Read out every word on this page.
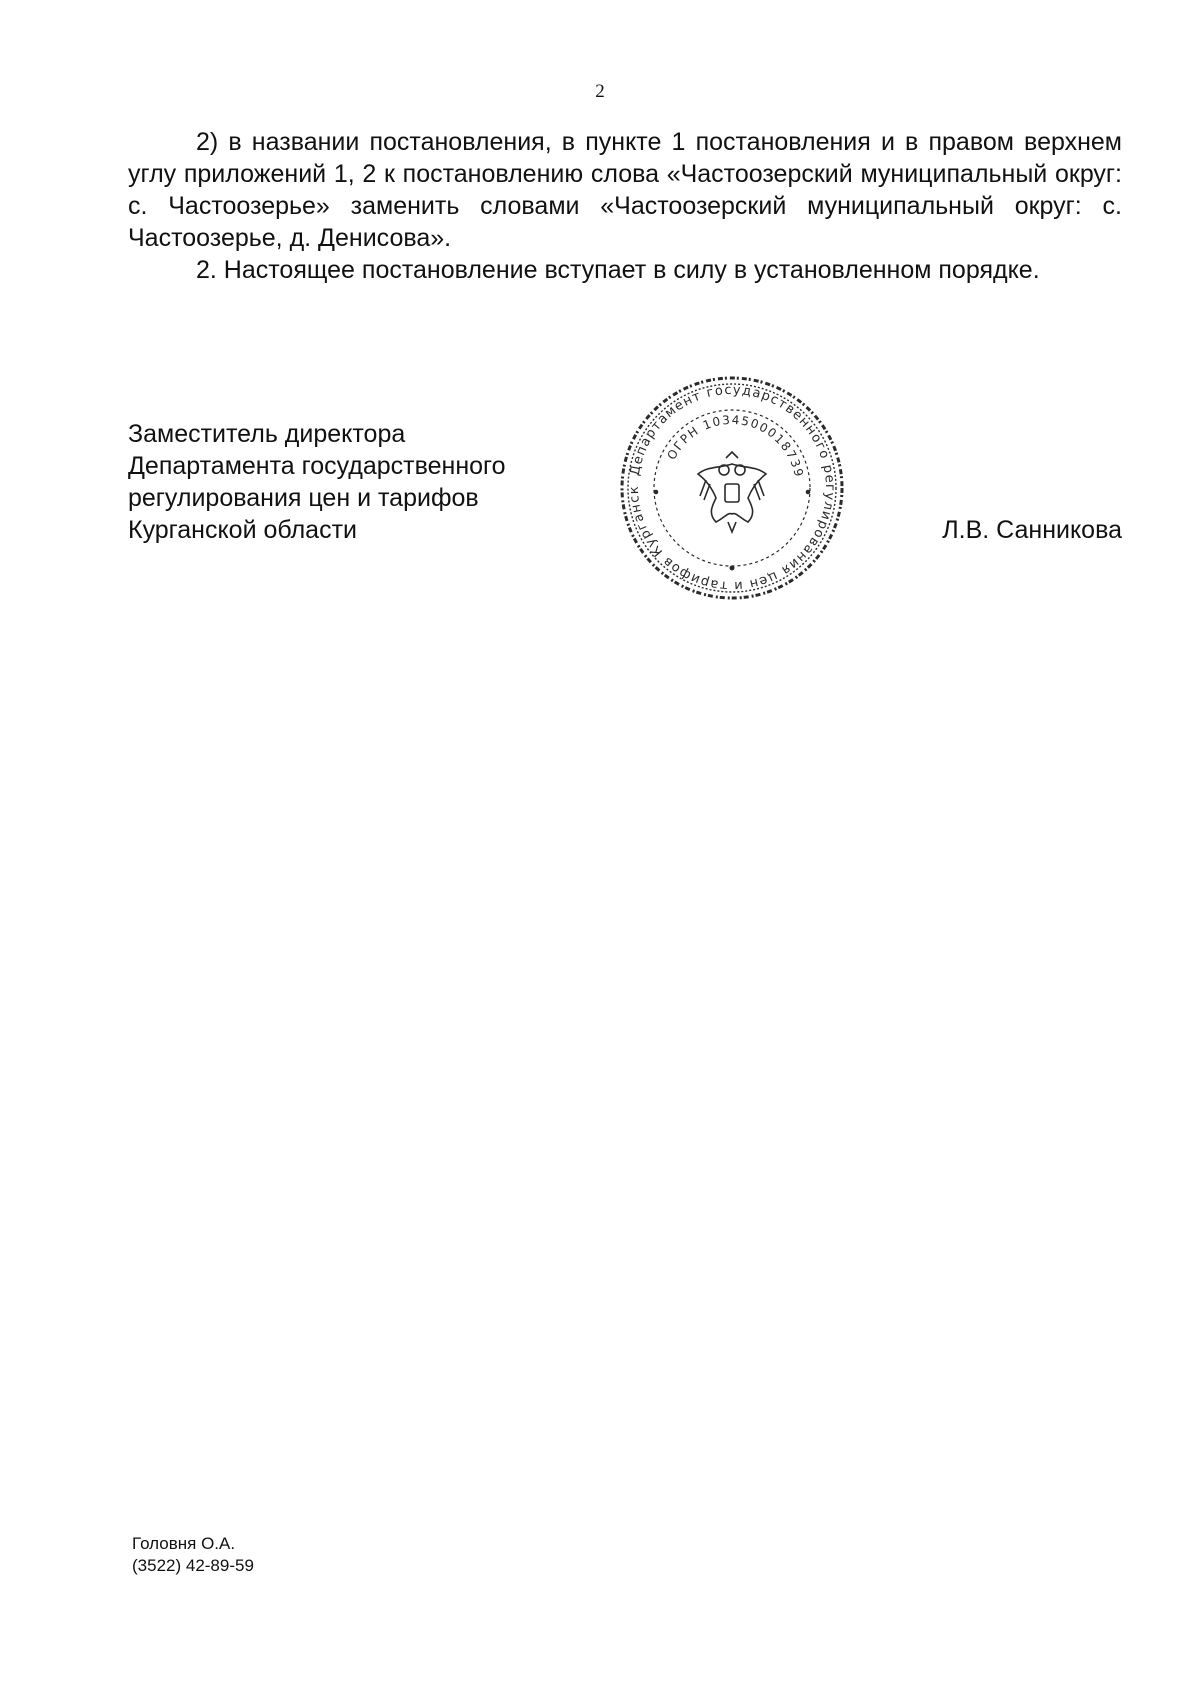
2

2) в названии постановления, в пункте 1 постановления и в правом верхнем углу приложений 1, 2 к постановлению слова «Частоозерский муниципальный округ: с. Частоозерье» заменить словами «Частоозерский муниципальный округ: с. Частоозерье, д. Денисова».

2. Настоящее постановление вступает в силу в установленном порядке.

Заместитель директора
Департамента государственного
регулирования цен и тарифов
Курганской области
Департамент государственного регулирования цен и тарифов Курганск
ОГРН 1034500018739
Л.В. Санникова
Головня О.А.
(3522) 42-89-59
